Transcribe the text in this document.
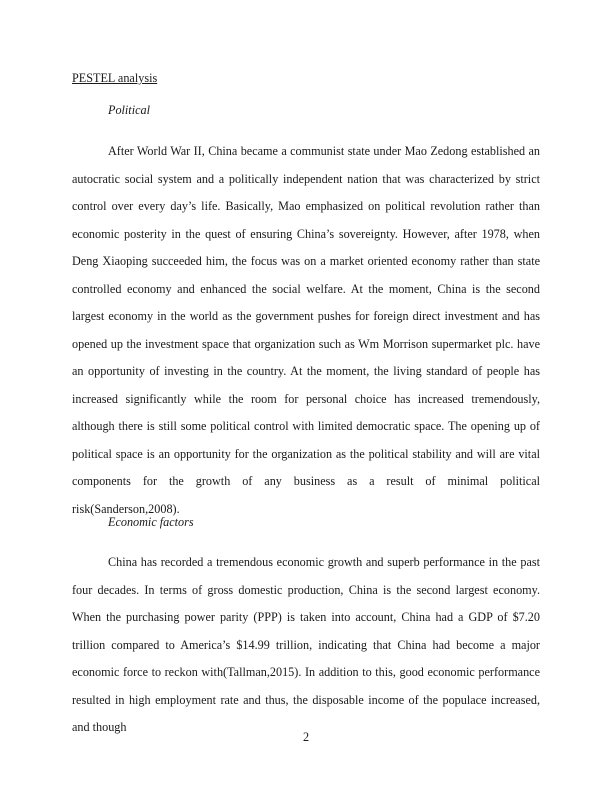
PESTEL analysis
Political

After World War II, China became a communist state under Mao Zedong established an autocratic social system and a politically independent nation that was characterized by strict control over every day’s life. Basically, Mao emphasized on political revolution rather than economic posterity in the quest of ensuring China’s sovereignty. However, after 1978, when Deng Xiaoping succeeded him, the focus was on a market oriented economy rather than state controlled economy and enhanced the social welfare. At the moment, China is the second largest economy in the world as the government pushes for foreign direct investment and has opened up the investment space that organization such as Wm Morrison supermarket plc. have an opportunity of investing in the country. At the moment, the living standard of people has increased significantly while the room for personal choice has increased tremendously, although there is still some political control with limited democratic space. The opening up of political space is an opportunity for the organization as the political stability and will are vital components for the growth of any business as a result of minimal political risk(Sanderson,2008).

Economic factors

China has recorded a tremendous economic growth and superb performance in the past four decades. In terms of gross domestic production, China is the second largest economy. When the purchasing power parity (PPP) is taken into account, China had a GDP of $7.20 trillion compared to America’s $14.99 trillion, indicating that China had become a major economic force to reckon with(Tallman,2015). In addition to this, good economic performance resulted in high employment rate and thus, the disposable income of the populace increased, and though

2
